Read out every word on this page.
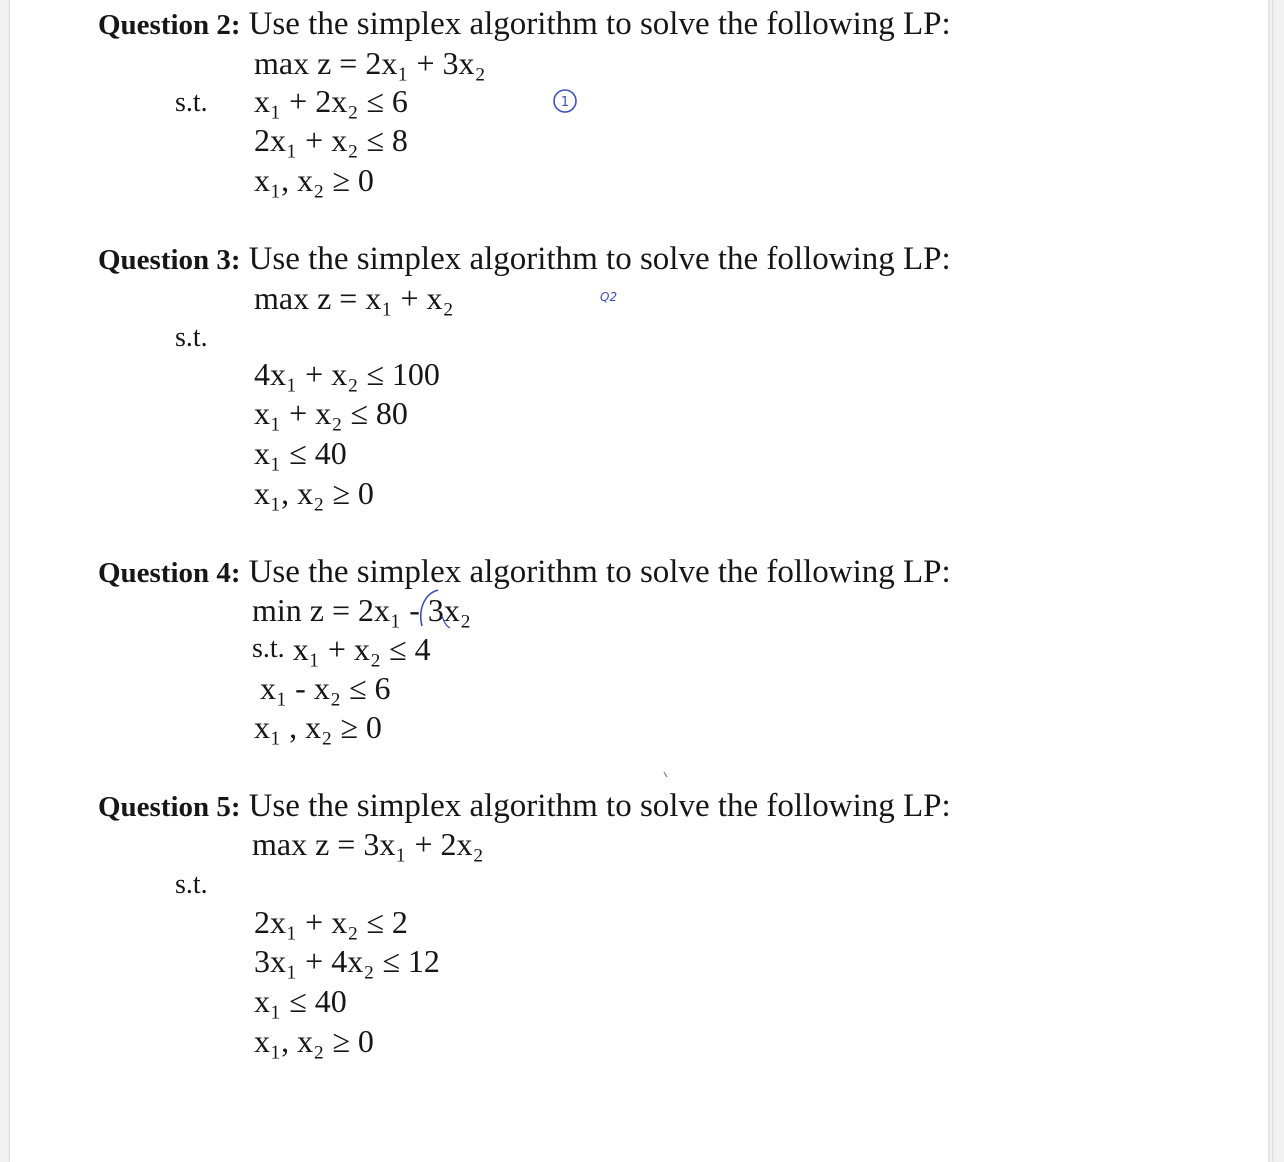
Question 2: Use the simplex algorithm to solve the following LP:
max z = 2x₁ + 3x₂
s.t. x₁ + 2x₂ ≤ 6
2x₁ + x₂ ≤ 8
x₁, x₂ ≥ 0
Question 3: Use the simplex algorithm to solve the following LP:
max z = x₁ + x₂
s.t.
4x₁ + x₂ ≤ 100
x₁ + x₂ ≤ 80
x₁ ≤ 40
x₁, x₂ ≥ 0
Question 4: Use the simplex algorithm to solve the following LP:
min z = 2x₁ - 3x₂
s.t. x₁ + x₂ ≤ 4
x₁ - x₂ ≤ 6
x₁ , x₂ ≥ 0
Question 5: Use the simplex algorithm to solve the following LP:
max z = 3x₁ + 2x₂
s.t.
2x₁ + x₂ ≤ 2
3x₁ + 4x₂ ≤ 12
x₁ ≤ 40
x₁, x₂ ≥ 0
1
Q2
